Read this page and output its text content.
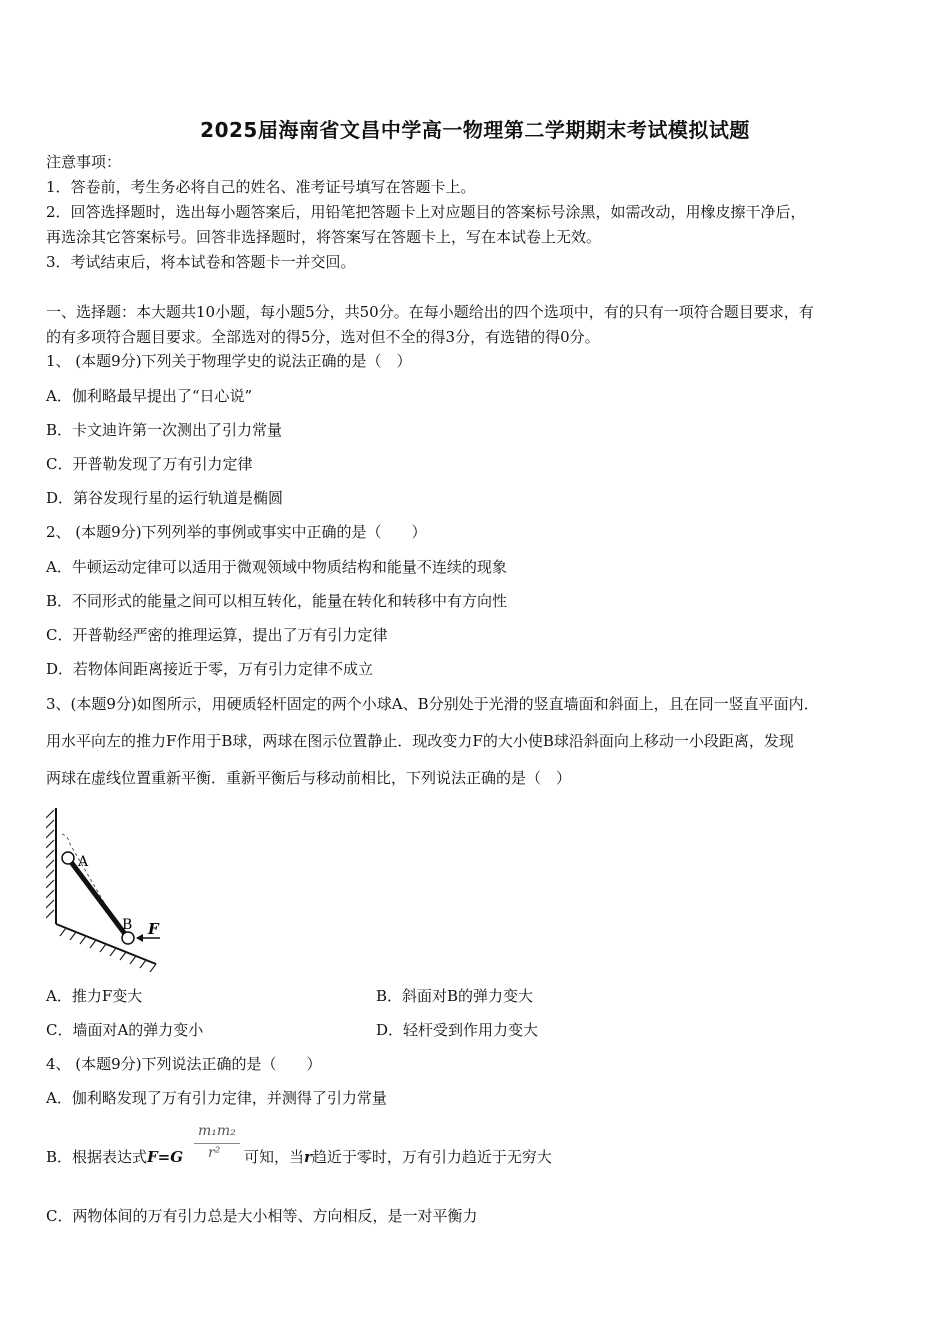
2025届海南省文昌中学高一物理第二学期期末考试模拟试题
注意事项：
1．答卷前，考生务必将自己的姓名、准考证号填写在答题卡上。
2．回答选择题时，选出每小题答案后，用铅笔把答题卡上对应题目的答案标号涂黑，如需改动，用橡皮擦干净后，
再选涂其它答案标号。回答非选择题时，将答案写在答题卡上，写在本试卷上无效。
3．考试结束后，将本试卷和答题卡一并交回。
一、选择题：本大题共10小题，每小题5分，共50分。在每小题给出的四个选项中，有的只有一项符合题目要求，有
的有多项符合题目要求。全部选对的得5分，选对但不全的得3分，有选错的得0分。
1、 (本题9分)下列关于物理学史的说法正确的是（　）
A．伽利略最早提出了“日心说”
B．卡文迪许第一次测出了引力常量
C．开普勒发现了万有引力定律
D．第谷发现行星的运行轨道是椭圆
2、 (本题9分)下列列举的事例或事实中正确的是（　　）
A．牛顿运动定律可以适用于微观领域中物质结构和能量不连续的现象
B．不同形式的能量之间可以相互转化，能量在转化和转移中有方向性
C．开普勒经严密的推理运算，提出了万有引力定律
D．若物体间距离接近于零，万有引力定律不成立
3、(本题9分)如图所示，用硬质轻杆固定的两个小球A、B分别处于光滑的竖直墙面和斜面上，且在同一竖直平面内．
用水平向左的推力F作用于B球，两球在图示位置静止．现改变力F的大小使B球沿斜面向上移动一小段距离，发现
两球在虚线位置重新平衡．重新平衡后与移动前相比，下列说法正确的是（　）
A
B F
A．推力F变大	B．斜面对B的弹力变大
C．墙面对A的弹力变小	D．轻杆受到作用力变大
4、 (本题9分)下列说法正确的是（　　）
A．伽利略发现了万有引力定律，并测得了引力常量
B．根据表达式F=G
m₁m₂
r² 可知，当r趋近于零时，万有引力趋近于无穷大
C．两物体间的万有引力总是大小相等、方向相反，是一对平衡力
